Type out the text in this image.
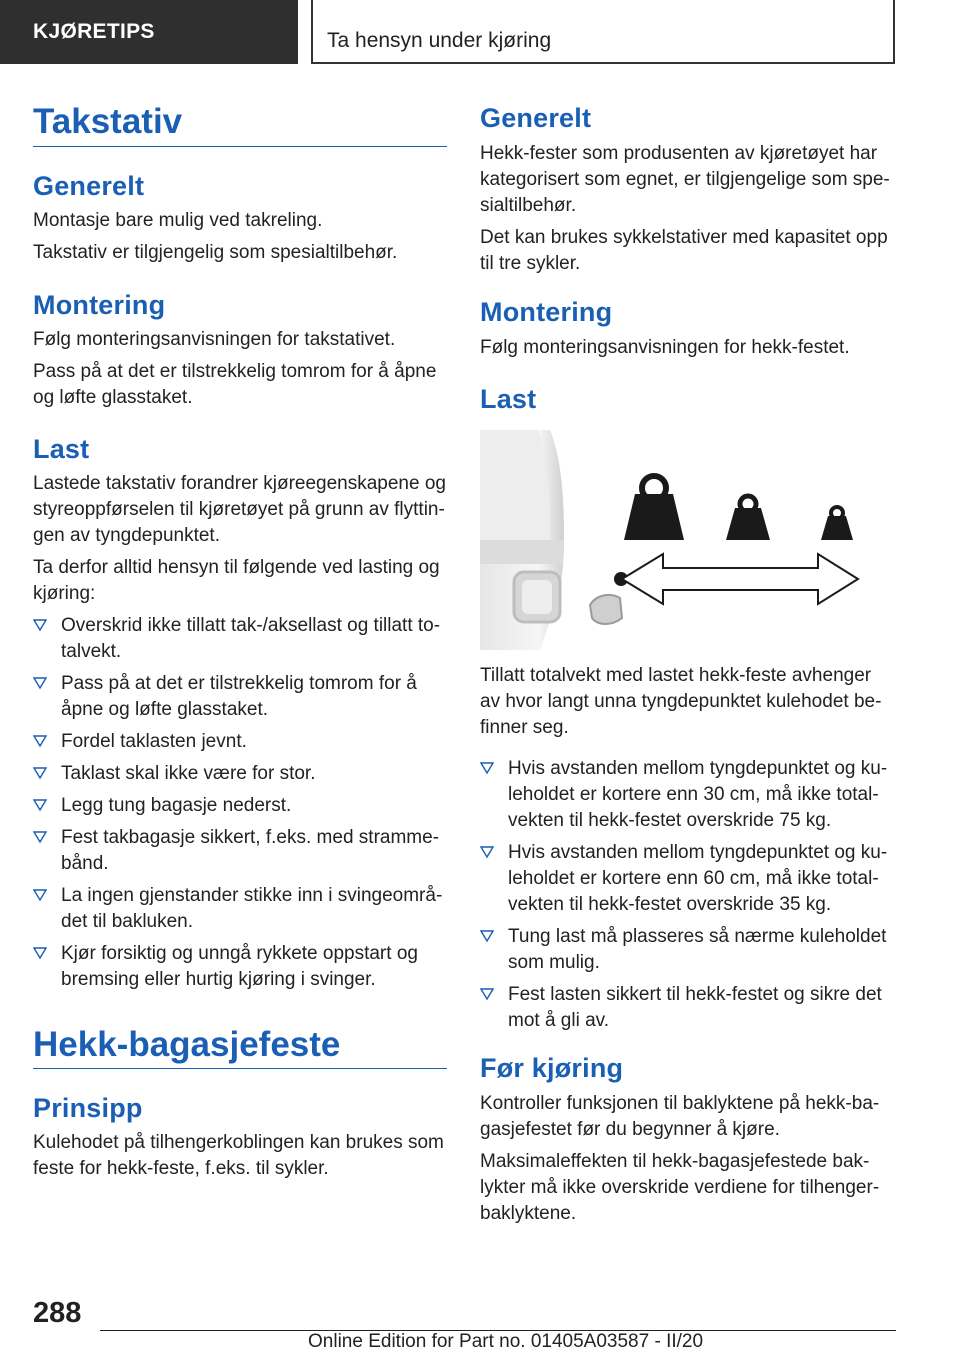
KJØRETIPS	Ta hensyn under kjøring
Takstativ
Generelt
Montasje bare mulig ved takreling.
Takstativ er tilgjengelig som spesialtilbehør.
Montering
Følg monteringsanvisningen for takstativet.
Pass på at det er tilstrekkelig tomrom for å åpne
og løfte glasstaket.
Last
Lastede takstativ forandrer kjøreegenskapene og
styreoppførselen til kjøretøyet på grunn av flyttin-
gen av tyngdepunktet.
Ta derfor alltid hensyn til følgende ved lasting og
kjøring:
Overskrid ikke tillatt tak-/aksellast og tillatt to-
talvekt.
Pass på at det er tilstrekkelig tomrom for å
åpne og løfte glasstaket.
Fordel taklasten jevnt.
Taklast skal ikke være for stor.
Legg tung bagasje nederst.
Fest takbagasje sikkert, f.eks. med stramme-
bånd.
La ingen gjenstander stikke inn i svingeområ-
det til bakluken.
Kjør forsiktig og unngå rykkete oppstart og
bremsing eller hurtig kjøring i svinger.
Hekk-bagasjefeste
Prinsipp
Kulehodet på tilhengerkoblingen kan brukes som
feste for hekk-feste, f.eks. til sykler.
Generelt
Hekk-fester som produsenten av kjøretøyet har
kategorisert som egnet, er tilgjengelige som spe-
sialtilbehør.
Det kan brukes sykkelstativer med kapasitet opp
til tre sykler.
Montering
Følg monteringsanvisningen for hekk-festet.
Last
Tillatt totalvekt med lastet hekk-feste avhenger
av hvor langt unna tyngdepunktet kulehodet be-
finner seg.
Hvis avstanden mellom tyngdepunktet og ku-
leholdet er kortere enn 30 cm, må ikke total-
vekten til hekk-festet overskride 75 kg.
Hvis avstanden mellom tyngdepunktet og ku-
leholdet er kortere enn 60 cm, må ikke total-
vekten til hekk-festet overskride 35 kg.
Tung last må plasseres så nærme kuleholdet
som mulig.
Fest lasten sikkert til hekk-festet og sikre det
mot å gli av.
Før kjøring
Kontroller funksjonen til baklyktene på hekk-ba-
gasjefestet før du begynner å kjøre.
Maksimaleffekten til hekk-bagasjefestede bak-
lykter må ikke overskride verdiene for tilhenger-
baklyktene.
288
Online Edition for Part no. 01405A03587 - II/20
